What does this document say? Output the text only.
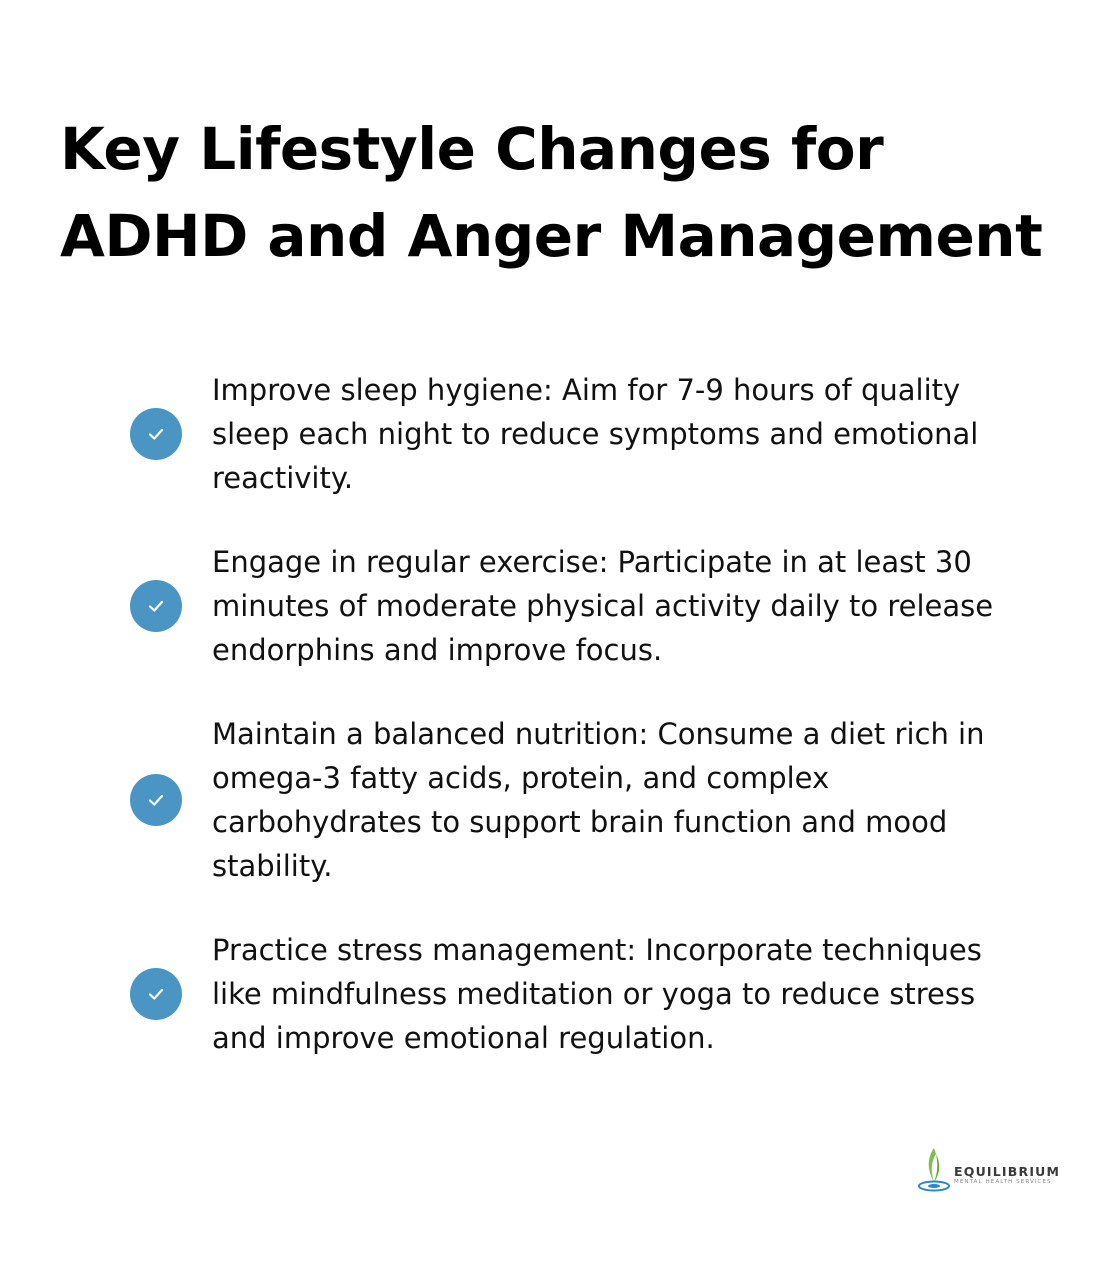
Key Lifestyle Changes for ADHD and Anger Management
Improve sleep hygiene: Aim for 7-9 hours of quality sleep each night to reduce symptoms and emotional reactivity.
Engage in regular exercise: Participate in at least 30 minutes of moderate physical activity daily to release endorphins and improve focus.
Maintain a balanced nutrition: Consume a diet rich in omega-3 fatty acids, protein, and complex carbohydrates to support brain function and mood stability.
Practice stress management: Incorporate techniques like mindfulness meditation or yoga to reduce stress and improve emotional regulation.
EQUILIBRIUM
MENTAL HEALTH SERVICES
